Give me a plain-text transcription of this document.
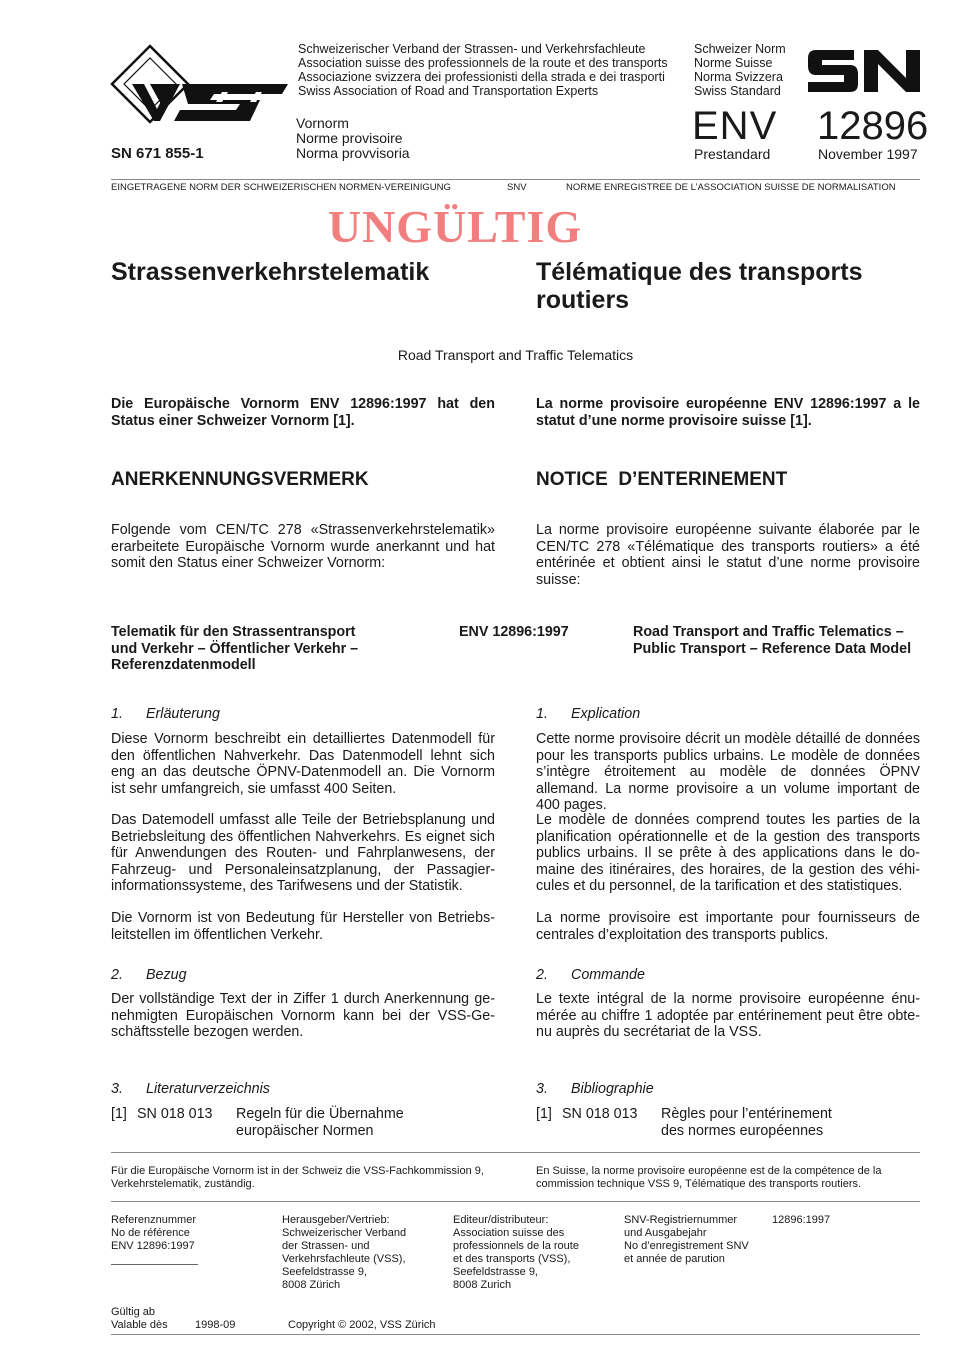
Schweizerischer Verband der Strassen- und Verkehrsfachleute
Association suisse des professionnels de la route et des transports
Associazione svizzera dei professionisti della strada e dei trasporti
Swiss Association of Road and Transportation Experts
Vornorm
Norme provisoire
Norma provvisoria
Schweizer Norm
Norme Suisse
Norma Svizzera
Swiss Standard
SN 671 855-1
ENV 12896
Prestandard	November 1997
EINGETRAGENE NORM DER SCHWEIZERISCHEN NORMEN-VEREINIGUNG	SNV	NORME ENREGISTREE DE L’ASSOCIATION SUISSE DE NORMALISATION
UNGÜLTIG
Strassenverkehrstelematik	Télématique des transports routiers
Road Transport and Traffic Telematics
Die Europäische Vornorm ENV 12896:1997 hat den Status einer Schweizer Vornorm [1].
La norme provisoire européenne ENV 12896:1997 a le statut d’une norme provisoire suisse [1].
ANERKENNUNGSVERMERK	NOTICE  D’ENTERINEMENT
Folgende vom CEN/TC 278 «Strassenverkehrstelematik» erarbeitete Europäische Vornorm wurde anerkannt und hat somit den Status einer Schweizer Vornorm:
La norme provisoire européenne suivante élaborée par le CEN/TC 278 «Télématique des transports routiers» a été entérinée et obtient ainsi le statut d’une norme provisoire suisse:
Telematik für den Strassentransport und Verkehr – Öffentlicher Verkehr – Referenzdatenmodell
ENV 12896:1997	Road Transport and Traffic Telematics – Public Transport – Reference Data Model
1. Erläuterung	1. Explication
Diese Vornorm beschreibt ein detailliertes Datenmodell für den öffentlichen Nahverkehr. Das Datenmodell lehnt sich eng an das deutsche ÖPNV-Datenmodell an. Die Vornorm ist sehr umfangreich, sie umfasst 400 Seiten.
Das Datemodell umfasst alle Teile der Betriebsplanung und Betriebsleitung des öffentlichen Nahverkehrs. Es eignet sich für Anwendungen des Routen- und Fahrplanwesens, der Fahrzeug- und Personaleinsatzplanung, der Passagier-informationssysteme, des Tarifwesens und der Statistik.
Die Vornorm ist von Bedeutung für Hersteller von Betriebs-leitstellen im öffentlichen Verkehr.
Cette norme provisoire décrit un modèle détaillé de données pour les transports publics urbains. Le modèle de données s’intègre étroitement au modèle de données ÖPNV allemand. La norme provisoire a un volume important de 400 pages.
Le modèle de données comprend toutes les parties de la planification opérationnelle et de la gestion des transports publics urbains. Il se prête à des applications dans le do-maine des itinéraires, des horaires, de la gestion des véhi-cules et du personnel, de la tarification et des statistiques.
La norme provisoire est importante pour fournisseurs de centrales d’exploitation des transports publics.
2. Bezug	2. Commande
Der vollständige Text der in Ziffer 1 durch Anerkennung ge-nehmigten Europäischen Vornorm kann bei der VSS-Ge-schäftsstelle bezogen werden.
Le texte intégral de la norme provisoire européenne énu-mérée au chiffre 1 adoptée par entérinement peut être obte-nu auprès du secrétariat de la VSS.
3. Literaturverzeichnis	3. Bibliographie
[1] SN 018 013 Regeln für die Übernahme
europäischer Normen
[1] SN 018 013 Règles pour l’entérinement
des normes européennes
Für die Europäische Vornorm ist in der Schweiz die VSS-Fachkommission 9, Verkehrstelematik, zuständig.
En Suisse, la norme provisoire européenne est de la compétence de la commission technique VSS 9, Télématique des transports routiers.
Referenznummer
No de référence
ENV 12896:1997
Herausgeber/Vertrieb:
Schweizerischer Verband
der Strassen- und
Verkehrsfachleute (VSS),
Seefeldstrasse 9,
8008 Zürich
Editeur/distributeur:
Association suisse des
professionnels de la route
et des transports (VSS),
Seefeldstrasse 9,
8008 Zurich
SNV-Registriernummer
und Ausgabejahr
No d’enregistrement SNV
et année de parution
12896:1997
Gültig ab
Valable dès 1998-09	Copyright © 2002, VSS Zürich
